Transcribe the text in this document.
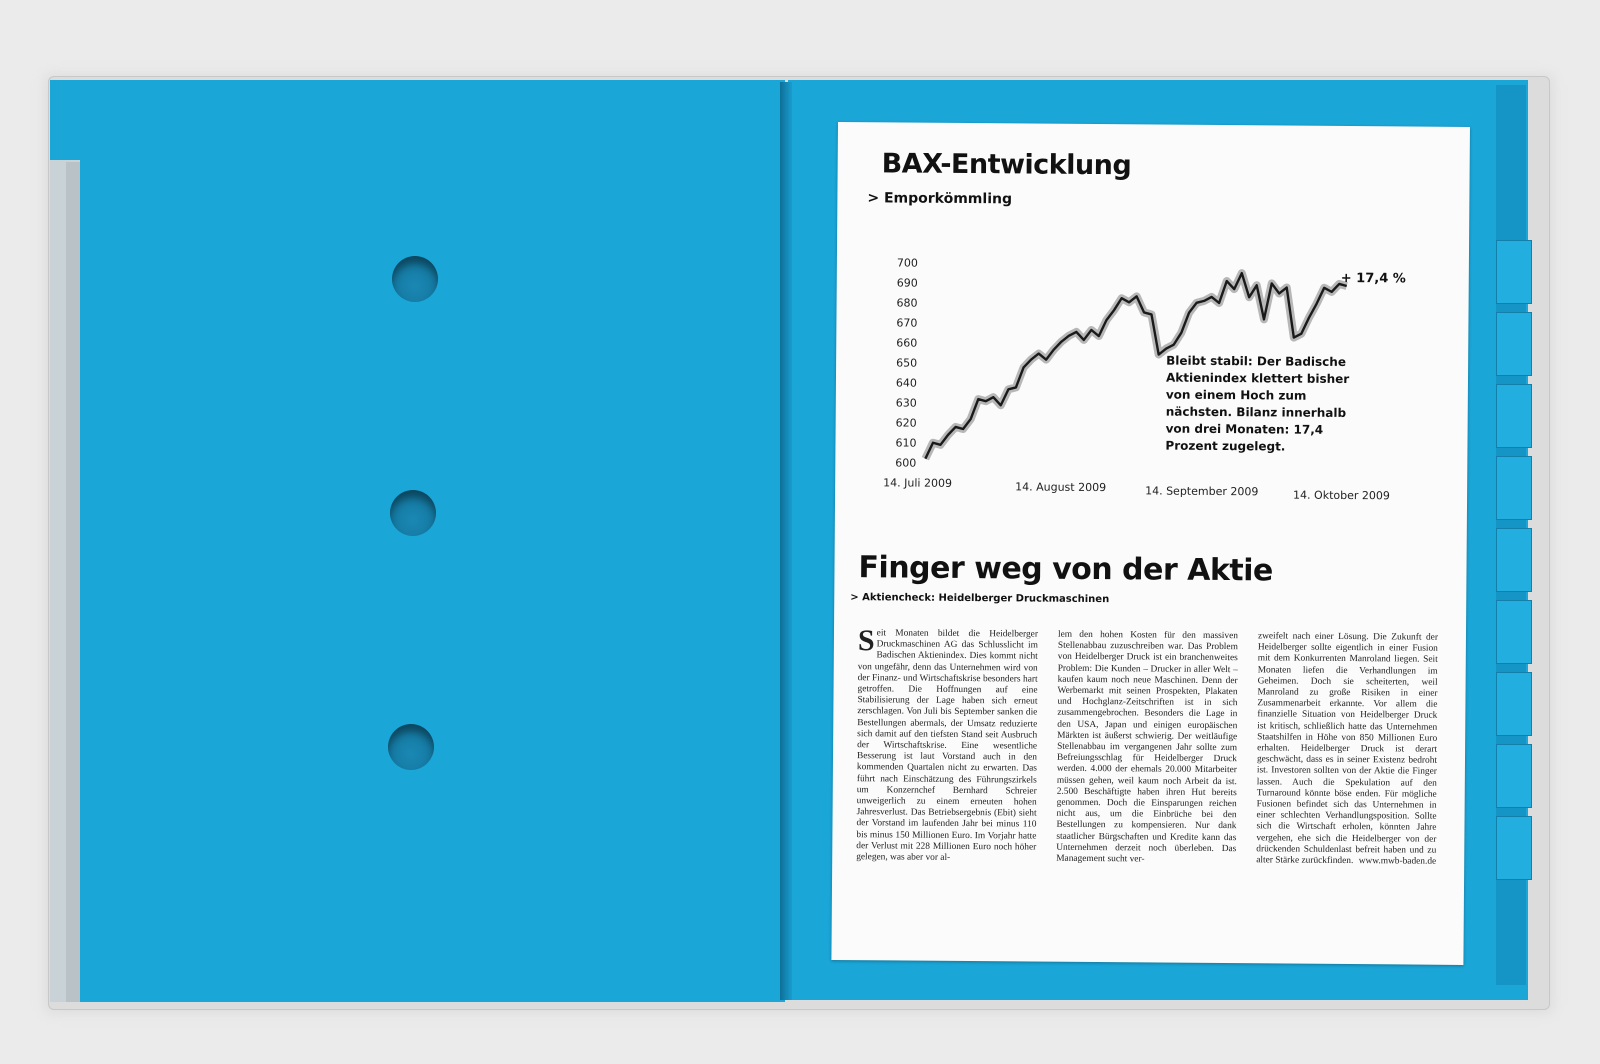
BAX-Entwicklung
> Emporkömmling
700
690
680
670
660
650
640
630
620
610
600
14. Juli 2009	14. August 2009	14. September 2009	14. Oktober 2009
+ 17,4 %
Bleibt stabil: Der Badische Aktienindex klettert bisher von einem Hoch zum nächsten. Bilanz innerhalb von drei Monaten: 17,4 Prozent zugelegt.
Finger weg von der Aktie
> Aktiencheck: Heidelberger Druckmaschinen
Seit Monaten bildet die Heidelberger Druckmaschinen AG das Schlusslicht im Badischen Aktienindex. Dies kommt nicht von ungefähr, denn das Unternehmen wird von der Finanz- und Wirtschaftskrise besonders hart getroffen. Die Hoffnungen auf eine Stabilisierung der Lage haben sich erneut zerschlagen. Von Juli bis September sanken die Bestellungen abermals, der Umsatz reduzierte sich damit auf den tiefsten Stand seit Ausbruch der Wirtschaftskrise. Eine wesentliche Besserung ist laut Vorstand auch in den kommenden Quartalen nicht zu erwarten. Das führt nach Einschätzung des Führungszirkels um Konzernchef Bernhard Schreier unweigerlich zu einem erneuten hohen Jahresverlust. Das Betriebsergebnis (Ebit) sieht der Vorstand im laufenden Jahr bei minus 110 bis minus 150 Millionen Euro. Im Vorjahr hatte der Verlust mit 228 Millionen Euro noch höher gelegen, was aber vor al-
lem den hohen Kosten für den massiven Stellenabbau zuzuschreiben war. Das Problem von Heidelberger Druck ist ein branchenweites Problem: Die Kunden – Drucker in aller Welt – kaufen kaum noch neue Maschinen. Denn der Werbemarkt mit seinen Prospekten, Plakaten und Hochglanz-Zeitschriften ist in sich zusammengebrochen. Besonders die Lage in den USA, Japan und einigen europäischen Märkten ist äußerst schwierig. Der weitläufige Stellenabbau im vergangenen Jahr sollte zum Befreiungsschlag für Heidelberger Druck werden. 4.000 der ehemals 20.000 Mitarbeiter müssen gehen, weil kaum noch Arbeit da ist. 2.500 Beschäftigte haben ihren Hut bereits genommen. Doch die Einsparungen reichen nicht aus, um die Einbrüche bei den Bestellungen zu kompensieren. Nur dank staatlicher Bürgschaften und Kredite kann das Unternehmen derzeit noch überleben. Das Management sucht ver-
zweifelt nach einer Lösung. Die Zukunft der Heidelberger sollte eigentlich in einer Fusion mit dem Konkurrenten Manroland liegen. Seit Monaten liefen die Verhandlungen im Geheimen. Doch sie scheiterten, weil Manroland zu große Risiken in einer Zusammenarbeit erkannte. Vor allem die finanzielle Situation von Heidelberger Druck ist kritisch, schließlich hatte das Unternehmen Staatshilfen in Höhe von 850 Millionen Euro erhalten. Heidelberger Druck ist derart geschwächt, dass es in seiner Existenz bedroht ist. Investoren sollten von der Aktie die Finger lassen. Auch die Spekulation auf den Turnaround könnte böse enden. Für mögliche Fusionen befindet sich das Unternehmen in einer schlechten Verhandlungsposition. Sollte sich die Wirtschaft erholen, könnten Jahre vergehen, ehe sich die Heidelberger von der drückenden Schuldenlast befreit haben und zu alter Stärke zurückfinden. www.mwb-baden.de
